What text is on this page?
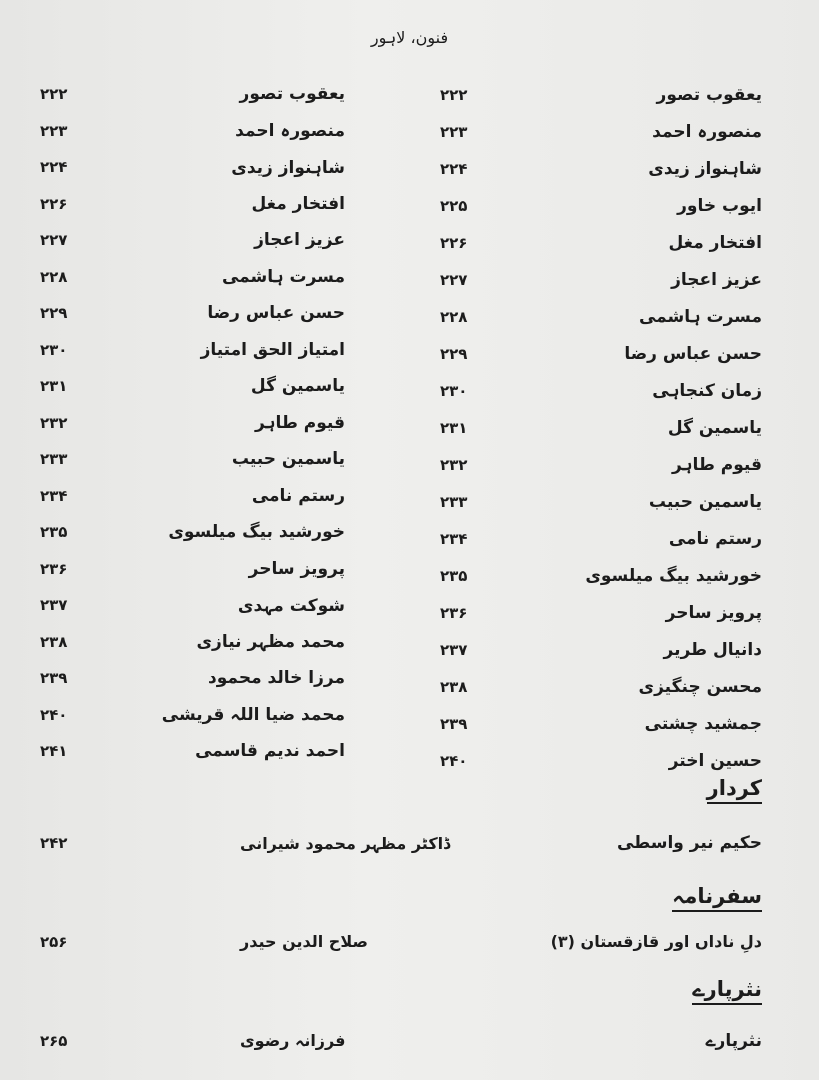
فنون، لاہور
یعقوب تصور
۲۲۲
منصورہ احمد
۲۲۳
شاہنواز زیدی
۲۲۴
ایوب خاور
۲۲۵
افتخار مغل
۲۲۶
عزیز اعجاز
۲۲۷
مسرت ہاشمی
۲۲۸
حسن عباس رضا
۲۲۹
زمان کنجاہی
۲۳۰
یاسمین گل
۲۳۱
قیوم طاہر
۲۳۲
یاسمین حبیب
۲۳۳
رستم نامی
۲۳۴
خورشید بیگ میلسوی
۲۳۵
پرویز ساحر
۲۳۶
دانیال طریر
۲۳۷
محسن چنگیزی
۲۳۸
جمشید چشتی
۲۳۹
حسین اختر
۲۴۰
یعقوب تصور
۲۲۲
منصورہ احمد
۲۲۳
شاہنواز زیدی
۲۲۴
افتخار مغل
۲۲۶
عزیز اعجاز
۲۲۷
مسرت ہاشمی
۲۲۸
حسن عباس رضا
۲۲۹
امتیاز الحق امتیاز
۲۳۰
یاسمین گل
۲۳۱
قیوم طاہر
۲۳۲
یاسمین حبیب
۲۳۳
رستم نامی
۲۳۴
خورشید بیگ میلسوی
۲۳۵
پرویز ساحر
۲۳۶
شوکت مہدی
۲۳۷
محمد مظہر نیازی
۲۳۸
مرزا خالد محمود
۲۳۹
محمد ضیا اللہ قریشی
۲۴۰
احمد ندیم قاسمی
۲۴۱
کردار
حکیم نیر واسطی
ڈاکٹر مظہر محمود شیرانی
۲۴۲
سفرنامہ
دلِ ناداں اور قازقستان (۳)
صلاح الدین حیدر
۲۵۶
نثرپارے
نثرپارے
فرزانہ رضوی
۲۶۵
